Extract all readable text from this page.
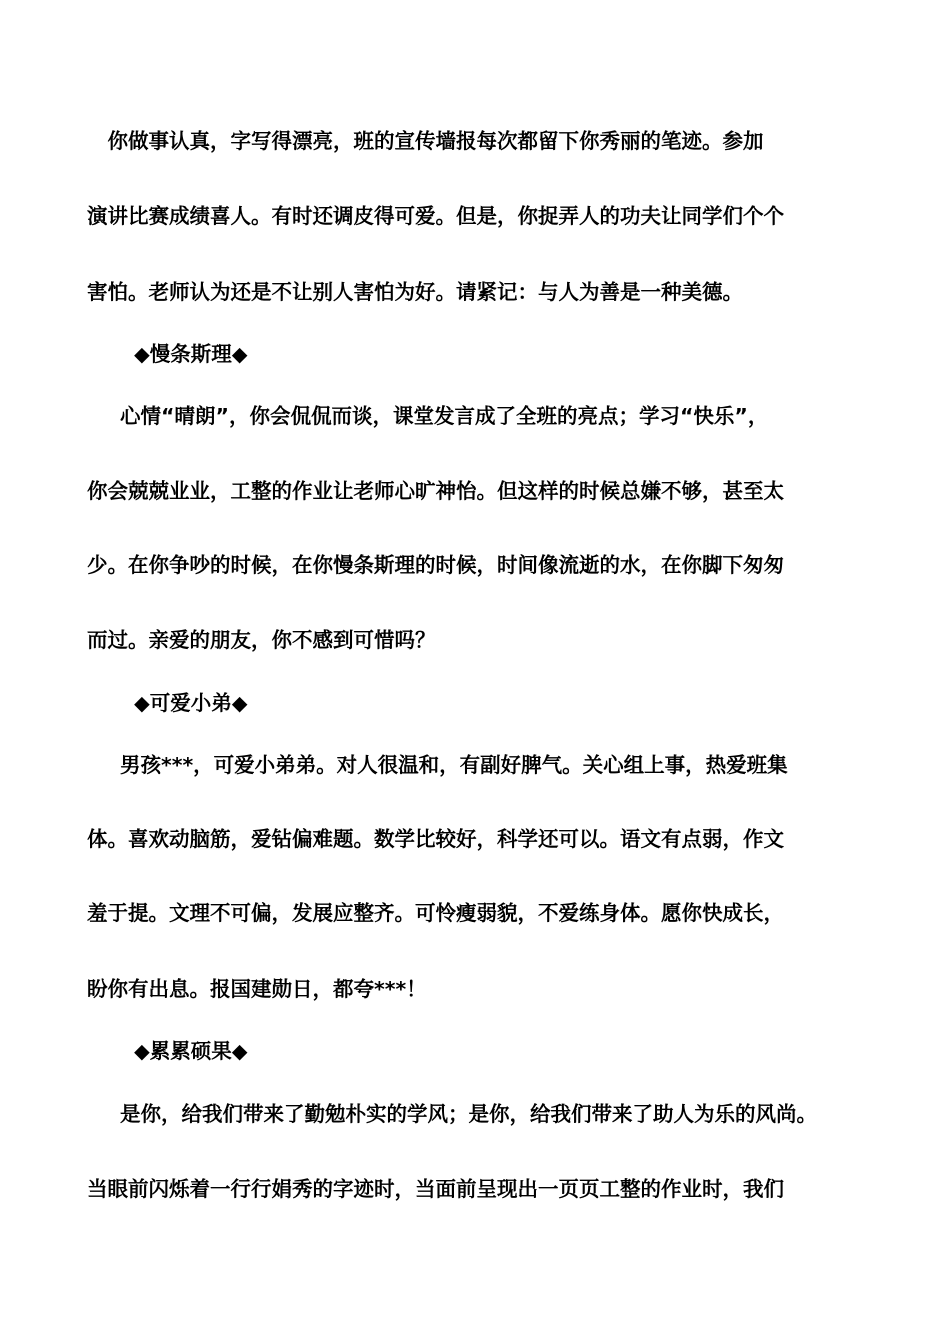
　你做事认真，字写得漂亮，班的宣传墙报每次都留下你秀丽的笔迹。参加

演讲比赛成绩喜人。有时还调皮得可爱。但是，你捉弄人的功夫让同学们个个

害怕。老师认为还是不让别人害怕为好。请紧记：与人为善是一种美德。

◆慢条斯理◆

心情“晴朗”，你会侃侃而谈，课堂发言成了全班的亮点；学习“快乐”，

你会兢兢业业，工整的作业让老师心旷神怡。但这样的时候总嫌不够，甚至太

少。在你争吵的时候，在你慢条斯理的时候，时间像流逝的水，在你脚下匆匆

而过。亲爱的朋友，你不感到可惜吗？

◆可爱小弟◆

男孩***，可爱小弟弟。对人很温和，有副好脾气。关心组上事，热爱班集

体。喜欢动脑筋，爱钻偏难题。数学比较好，科学还可以。语文有点弱，作文

羞于提。文理不可偏，发展应整齐。可怜瘦弱貌，不爱练身体。愿你快成长，

盼你有出息。报国建勋日，都夸***！

◆累累硕果◆

是你，给我们带来了勤勉朴实的学风；是你，给我们带来了助人为乐的风尚。

当眼前闪烁着一行行娟秀的字迹时，当面前呈现出一页页工整的作业时，我们
